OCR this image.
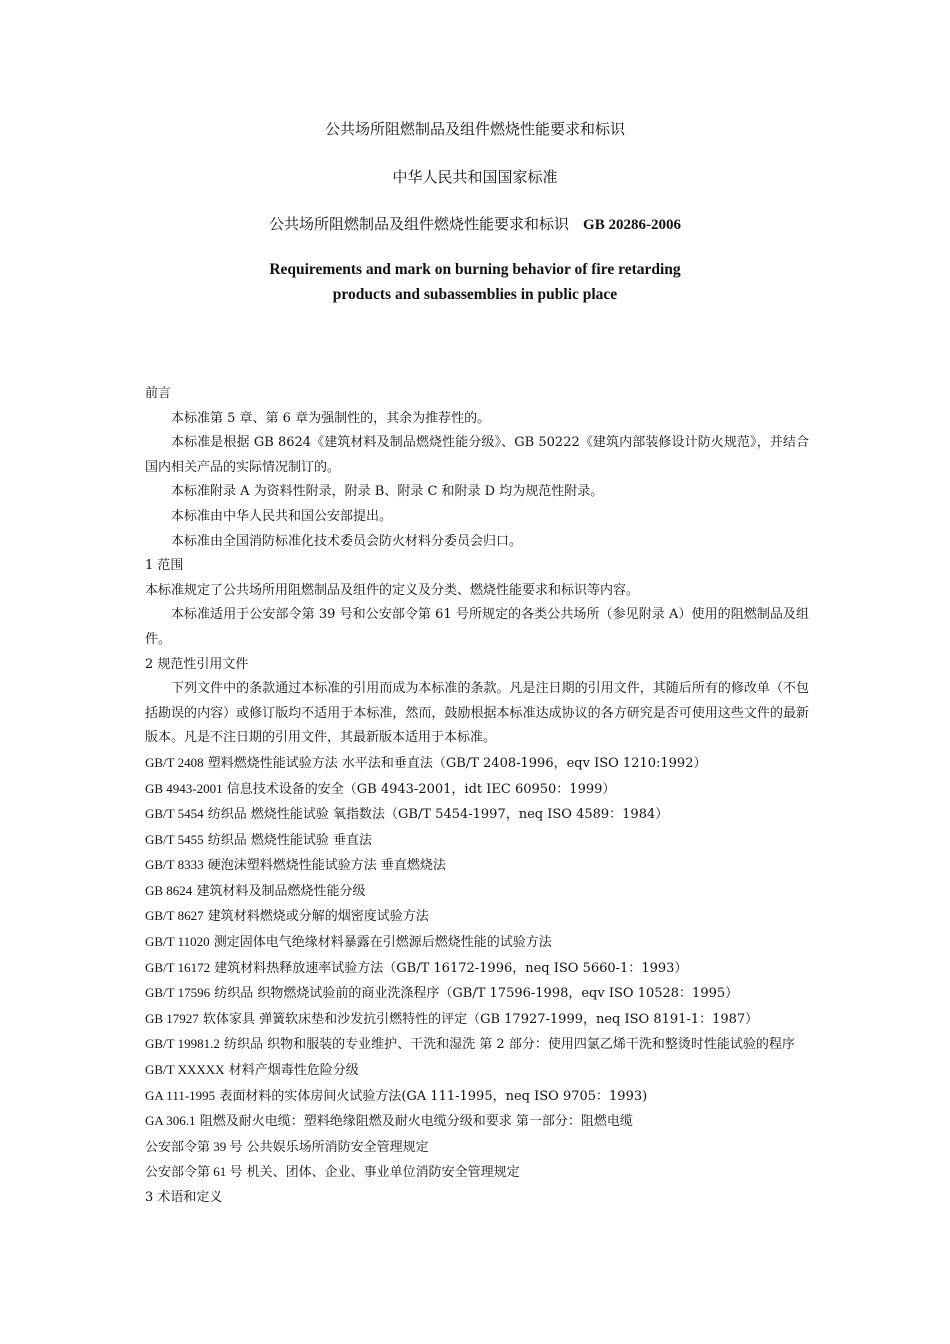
公共场所阻燃制品及组件燃烧性能要求和标识
中华人民共和国国家标准
公共场所阻燃制品及组件燃烧性能要求和标识 GB 20286-2006
Requirements and mark on burning behavior of fire retarding
products and subassemblies in public place

前言

本标准第 5 章、第 6 章为强制性的，其余为推荐性的。

本标准是根据 GB 8624《建筑材料及制品燃烧性能分级》、GB 50222《建筑内部装修设计防火规范》，并结合国内相关产品的实际情况制订的。

本标准附录 A 为资料性附录，附录 B、附录 C 和附录 D 均为规范性附录。

本标准由中华人民共和国公安部提出。

本标准由全国消防标准化技术委员会防火材料分委员会归口。

1 范围

本标准规定了公共场所用阻燃制品及组件的定义及分类、燃烧性能要求和标识等内容。

本标准适用于公安部令第 39 号和公安部令第 61 号所规定的各类公共场所（参见附录 A）使用的阻燃制品及组件。

2 规范性引用文件

下列文件中的条款通过本标准的引用而成为本标准的条款。凡是注日期的引用文件，其随后所有的修改单（不包括勘误的内容）或修订版均不适用于本标准，然而，鼓励根据本标准达成协议的各方研究是否可使用这些文件的最新版本。凡是不注日期的引用文件，其最新版本适用于本标准。

GB/T 2408 塑料燃烧性能试验方法 水平法和垂直法（GB/T 2408-1996，eqv ISO 1210:1992）

GB 4943-2001 信息技术设备的安全（GB 4943-2001，idt IEC 60950：1999）

GB/T 5454 纺织品 燃烧性能试验 氧指数法（GB/T 5454-1997，neq ISO 4589：1984）

GB/T 5455 纺织品 燃烧性能试验 垂直法

GB/T 8333 硬泡沫塑料燃烧性能试验方法 垂直燃烧法

GB 8624 建筑材料及制品燃烧性能分级

GB/T 8627 建筑材料燃烧或分解的烟密度试验方法

GB/T 11020 测定固体电气绝缘材料暴露在引燃源后燃烧性能的试验方法

GB/T 16172 建筑材料热释放速率试验方法（GB/T 16172-1996，neq ISO 5660-1：1993）

GB/T 17596 纺织品 织物燃烧试验前的商业洗涤程序（GB/T 17596-1998，eqv ISO 10528：1995）

GB 17927 软体家具 弹簧软床垫和沙发抗引燃特性的评定（GB 17927-1999，neq ISO 8191-1：1987）

GB/T 19981.2 纺织品 织物和服装的专业维护、干洗和湿洗 第 2 部分：使用四氯乙烯干洗和整烫时性能试验的程序

GB/T XXXXX 材料产烟毒性危险分级

GA 111-1995 表面材料的实体房间火试验方法(GA 111-1995，neq ISO 9705：1993)

GA 306.1 阻燃及耐火电缆：塑料绝缘阻燃及耐火电缆分级和要求 第一部分：阻燃电缆

公安部令第 39 号 公共娱乐场所消防安全管理规定

公安部令第 61 号 机关、团体、企业、事业单位消防安全管理规定

3 术语和定义
